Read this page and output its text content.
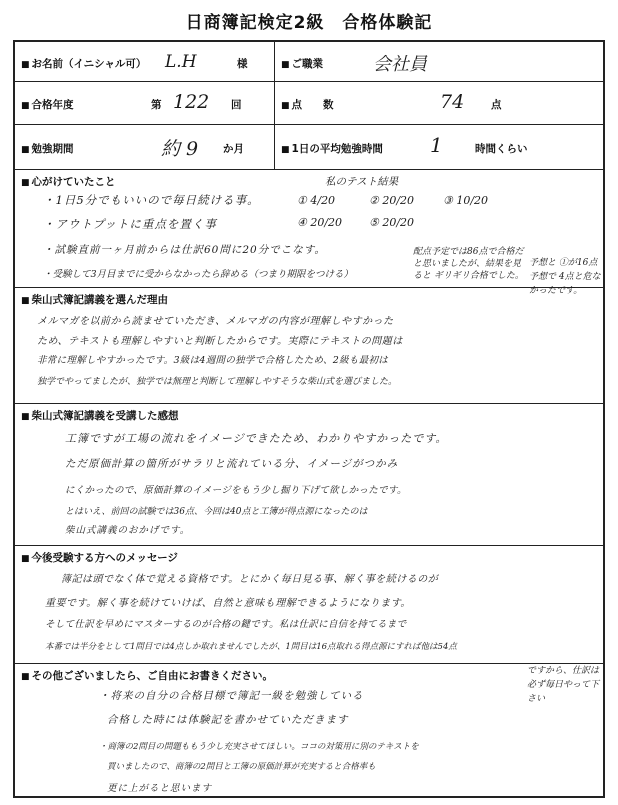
日商簿記検定2級　合格体験記
■ お名前（イニシャル可） L.H	様	■ ご職業	会社員
■ 合格年度	第 122 回	■ 点　　数	74	点
■ 勉強期間	約 9 か月	■ 1日の平均勉強時間 1	時間くらい
■ 心がけていたこと
・1日5分でもいいので毎日続ける事。
・アウトプットに重点を置く事
・試験直前一ヶ月前からは仕訳60問に20分でこなす。
・受験して3月目までに受からなかったら辞める（つまり期限をつける）
私のテスト結果
① 4/20	② 20/20	③ 10/20
④ 20/20 ⑤ 20/20
配点予定では86点で合格だと思いましたが、結果を見ると ギリギリ合格でした。
予想と ①が16点予想で 4点と危な かったです。
■ 柴山式簿記講義を選んだ理由
メルマガを以前から読ませていただき、メルマガの内容が理解しやすかった
ため、テキストも理解しやすいと判断したからです。実際にテキストの問題は
非常に理解しやすかったです。3級は4週間の独学で合格したため、2級も最初は
独学でやってましたが、独学では無理と判断して理解しやすそうな柴山式を選びました。
■ 柴山式簿記講義を受講した感想
工簿ですが工場の流れをイメージできたため、わかりやすかったです。
ただ原価計算の箇所がサラリと流れている分、イメージがつかみ
にくかったので、原価計算のイメージをもう少し掘り下げて欲しかったです。
とはいえ、前回の試験では36点、今回は40点と工簿が得点源になったのは
柴山式講義のおかげです。
■ 今後受験する方へのメッセージ
簿記は頭でなく体で覚える資格です。とにかく毎日見る事、解く事を続けるのが
重要です。解く事を続けていけば、自然と意味も理解できるようになります。
そして仕訳を早めにマスターするのが合格の鍵です。私は仕訳に自信を持てるまで
本番では半分をとして1問目では4点しか取れませんでしたが、1問目は16点取れる得点源にすれば他は54点
■ その他ございましたら、ご自由にお書きください。
・将来の自分の合格目標で簿記一級を勉強している
合格した時には体験記を書かせていただきます
・商簿の2問目の問題ももう少し充実させてほしい。ココの対策用に別のテキストを
買いましたので、商簿の2問目と工簿の原価計算が充実すると合格率も
更に上がると思います
ですから、仕訳は必ず毎日やって下さい
